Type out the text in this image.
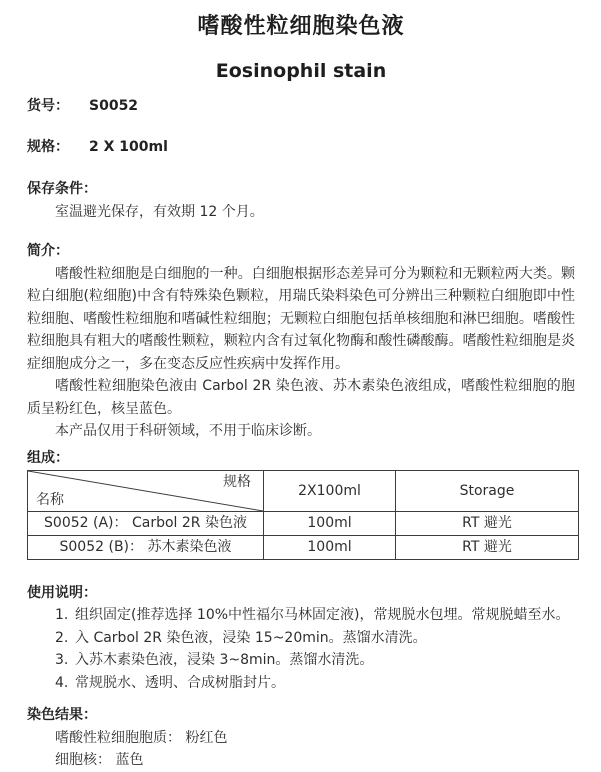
嗜酸性粒细胞染色液
Eosinophil stain
货号： S0052
规格： 2 X 100ml
保存条件：
室温避光保存，有效期 12 个月。
简介：

嗜酸性粒细胞是白细胞的一种。白细胞根据形态差异可分为颗粒和无颗粒两大类。颗粒白细胞(粒细胞)中含有特殊染色颗粒，用瑞氏染料染色可分辨出三种颗粒白细胞即中性粒细胞、嗜酸性粒细胞和嗜碱性粒细胞；无颗粒白细胞包括单核细胞和淋巴细胞。嗜酸性粒细胞具有粗大的嗜酸性颗粒，颗粒内含有过氧化物酶和酸性磷酸酶。嗜酸性粒细胞是炎症细胞成分之一，多在变态反应性疾病中发挥作用。

嗜酸性粒细胞染色液由 Carbol 2R 染色液、苏木素染色液组成，嗜酸性粒细胞的胞质呈粉红色，核呈蓝色。

本产品仅用于科研领域，不用于临床诊断。

组成：
规格
名称	2X100ml	Storage
S0052 (A)： Carbol 2R 染色液	100ml	RT 避光
S0052 (B)： 苏木素染色液	100ml	RT 避光
使用说明：
1. 组织固定(推荐选择 10%中性福尔马林固定液)，常规脱水包埋。常规脱蜡至水。
2. 入 Carbol 2R 染色液，浸染 15~20min。蒸馏水清洗。
3. 入苏木素染色液，浸染 3~8min。蒸馏水清洗。
4. 常规脱水、透明、合成树脂封片。
染色结果：
嗜酸性粒细胞胞质： 粉红色
细胞核： 蓝色
